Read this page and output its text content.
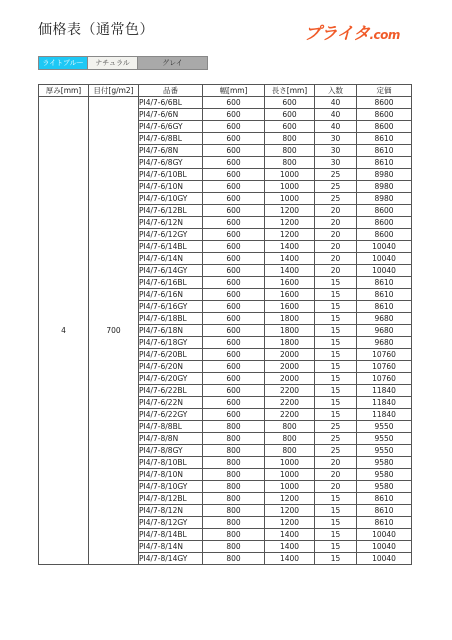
価格表（通常色）	プライタ.com
ライトブルー	ナチュラル	グレイ
厚み[mm]	目付[g/m2]	品番	幅[mm]	長さ[mm]	入数	定価
4	700	PI4/7-6/6BL	600	600	40	8600
		PI4/7-6/6N	600	600	40	8600
		PI4/7-6/6GY	600	600	40	8600
		PI4/7-6/8BL	600	800	30	8610
		PI4/7-6/8N	600	800	30	8610
		PI4/7-6/8GY	600	800	30	8610
		PI4/7-6/10BL	600	1000	25	8980
		PI4/7-6/10N	600	1000	25	8980
		PI4/7-6/10GY	600	1000	25	8980
		PI4/7-6/12BL	600	1200	20	8600
		PI4/7-6/12N	600	1200	20	8600
		PI4/7-6/12GY	600	1200	20	8600
		PI4/7-6/14BL	600	1400	20	10040
		PI4/7-6/14N	600	1400	20	10040
		PI4/7-6/14GY	600	1400	20	10040
		PI4/7-6/16BL	600	1600	15	8610
		PI4/7-6/16N	600	1600	15	8610
		PI4/7-6/16GY	600	1600	15	8610
		PI4/7-6/18BL	600	1800	15	9680
		PI4/7-6/18N	600	1800	15	9680
		PI4/7-6/18GY	600	1800	15	9680
		PI4/7-6/20BL	600	2000	15	10760
		PI4/7-6/20N	600	2000	15	10760
		PI4/7-6/20GY	600	2000	15	10760
		PI4/7-6/22BL	600	2200	15	11840
		PI4/7-6/22N	600	2200	15	11840
		PI4/7-6/22GY	600	2200	15	11840
		PI4/7-8/8BL	800	800	25	9550
		PI4/7-8/8N	800	800	25	9550
		PI4/7-8/8GY	800	800	25	9550
		PI4/7-8/10BL	800	1000	20	9580
		PI4/7-8/10N	800	1000	20	9580
		PI4/7-8/10GY	800	1000	20	9580
		PI4/7-8/12BL	800	1200	15	8610
		PI4/7-8/12N	800	1200	15	8610
		PI4/7-8/12GY	800	1200	15	8610
		PI4/7-8/14BL	800	1400	15	10040
		PI4/7-8/14N	800	1400	15	10040
		PI4/7-8/14GY	800	1400	15	10040
